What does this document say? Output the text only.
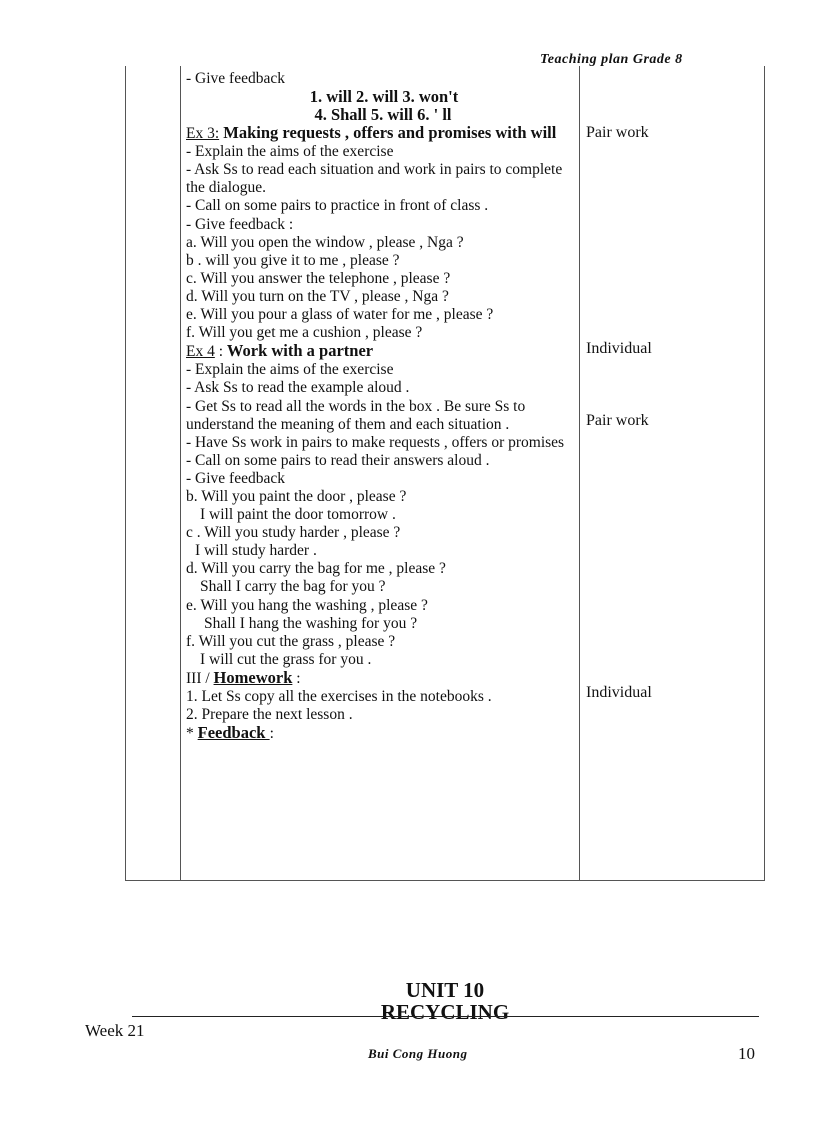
Teaching plan Grade 8
- Give feedback
1. will 2. will 3. won't
4. Shall 5. will 6. ' ll
Ex 3: Making requests , offers and promises with will
- Explain the aims of the exercise
- Ask Ss to read each situation and work in pairs to complete the dialogue.
- Call on some pairs to practice in front of class .
- Give feedback :
a. Will you open the window , please , Nga ?
b . will you give it to me , please ?
c. Will you answer the telephone , please ?
d. Will you turn on the TV , please , Nga ?
e. Will you pour a glass of water for me , please ?
f. Will you get me a cushion , please ?
Ex 4 : Work with a partner
- Explain the aims of the exercise
- Ask Ss to read the example aloud .
- Get Ss to read all the words in the box . Be sure Ss to understand the meaning of them and each situation .
- Have Ss work in pairs to make requests , offers or promises
- Call on some pairs to read their answers aloud .
- Give feedback
b. Will you paint the door , please ?
I will paint the door tomorrow .
c . Will you study harder , please ?
I will study harder .
d. Will you carry the bag for me , please ?
Shall I carry the bag for you ?
e. Will you hang the washing , please ?
Shall I hang the washing for you ?
f. Will you cut the grass , please ?
I will cut the grass for you .
III / Homework :
1. Let Ss copy all the exercises in the notebooks .
2. Prepare the next lesson .
* Feedback :
Pair work
Individual
Pair work
Individual
UNIT 10
RECYCLING
Week 21
Bui Cong Huong	10
